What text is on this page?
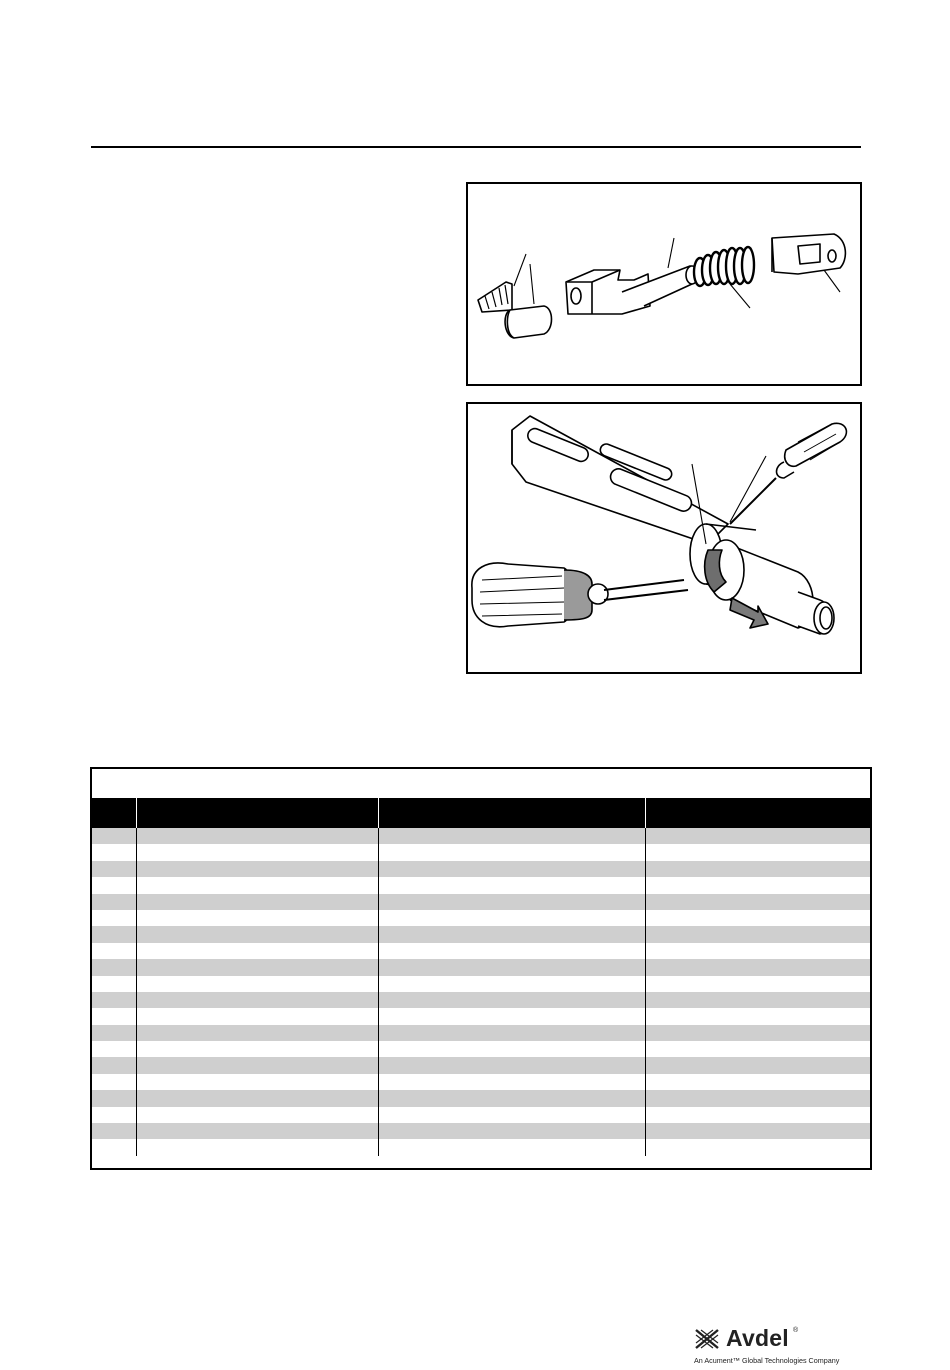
Avdel ®
An Acument™ Global Technologies Company
